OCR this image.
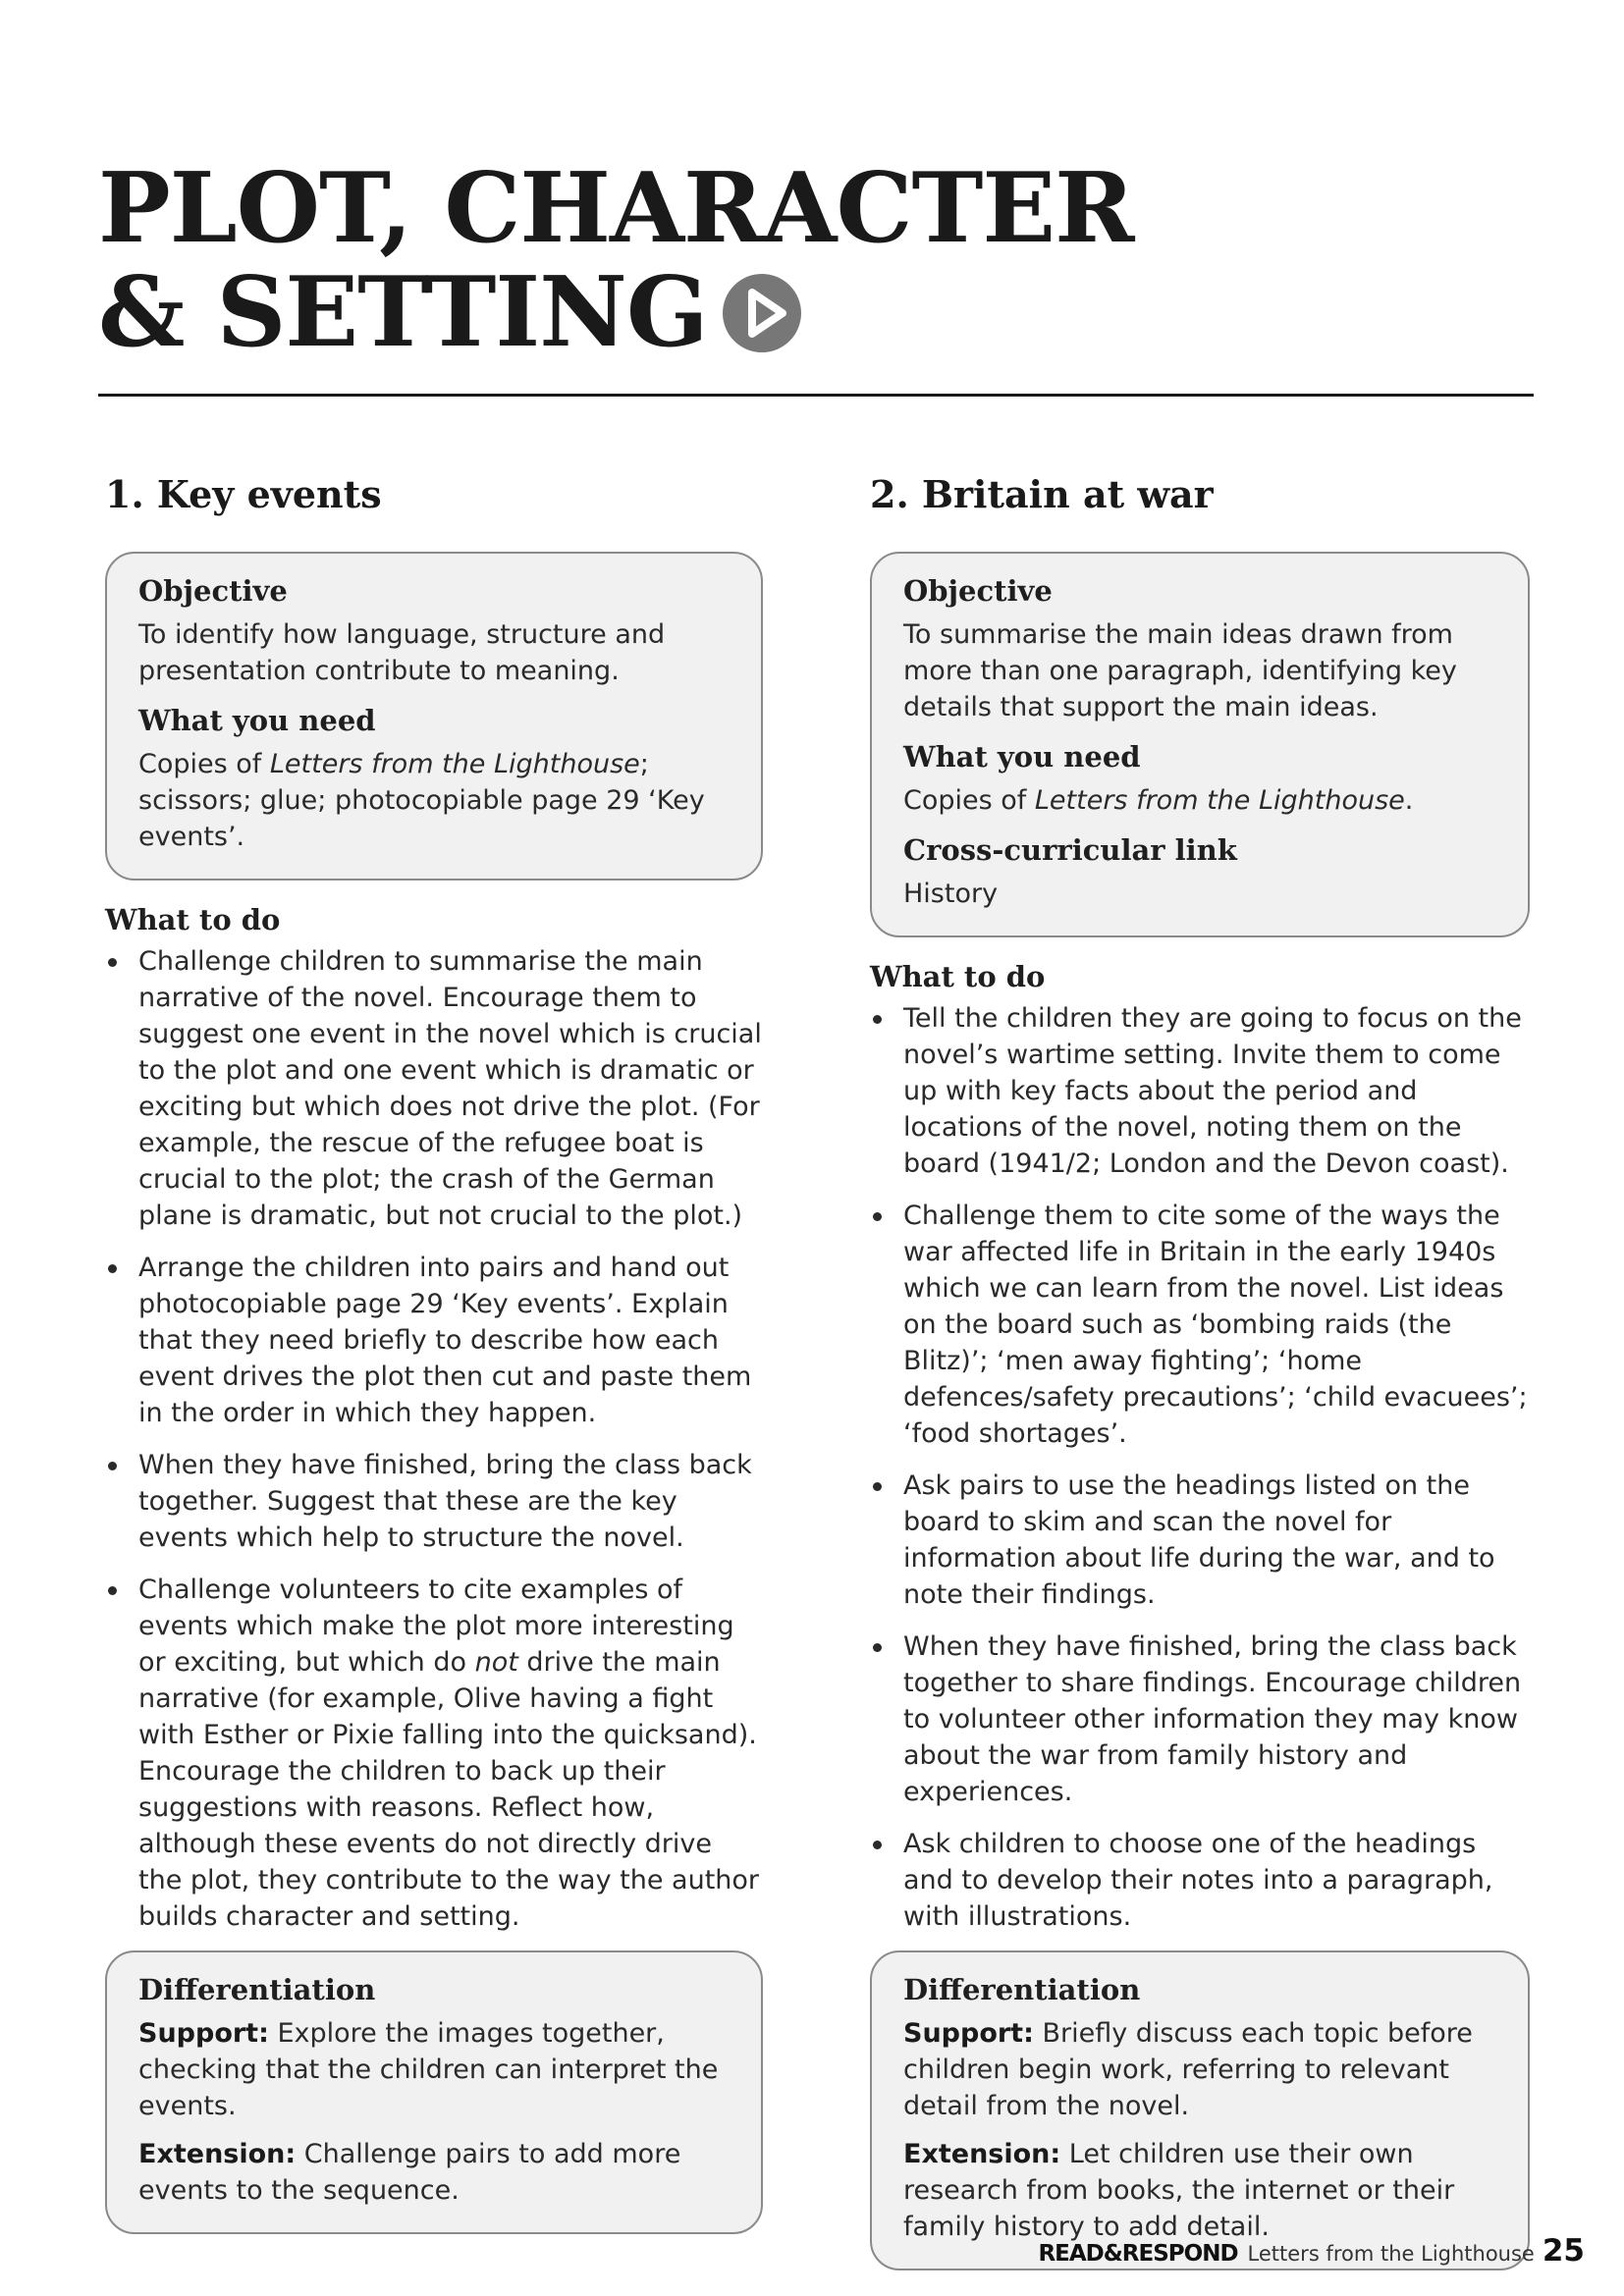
PLOT, CHARACTER
& SETTING
1. Key events
Objective
To identify how language, structure and presentation contribute to meaning.
What you need
Copies of Letters from the Lighthouse; scissors; glue; photocopiable page 29 ‘Key events’.
What to do
Challenge children to summarise the main narrative of the novel. Encourage them to suggest one event in the novel which is crucial to the plot and one event which is dramatic or exciting but which does not drive the plot. (For example, the rescue of the refugee boat is crucial to the plot; the crash of the German plane is dramatic, but not crucial to the plot.)
Arrange the children into pairs and hand out photocopiable page 29 ‘Key events’. Explain that they need briefly to describe how each event drives the plot then cut and paste them in the order in which they happen.
When they have finished, bring the class back together. Suggest that these are the key events which help to structure the novel.
Challenge volunteers to cite examples of events which make the plot more interesting or exciting, but which do not drive the main narrative (for example, Olive having a fight with Esther or Pixie falling into the quicksand). Encourage the children to back up their suggestions with reasons. Reflect how, although these events do not directly drive the plot, they contribute to the way the author builds character and setting.
Differentiation
Support: Explore the images together, checking that the children can interpret the events.
Extension: Challenge pairs to add more events to the sequence.
2. Britain at war
Objective
To summarise the main ideas drawn from more than one paragraph, identifying key details that support the main ideas.
What you need
Copies of Letters from the Lighthouse.
Cross-curricular link
History
What to do
Tell the children they are going to focus on the novel’s wartime setting. Invite them to come up with key facts about the period and locations of the novel, noting them on the board (1941/2; London and the Devon coast).
Challenge them to cite some of the ways the war affected life in Britain in the early 1940s which we can learn from the novel. List ideas on the board such as ‘bombing raids (the Blitz)’; ‘men away fighting’; ‘home defences/safety precautions’; ‘child evacuees’; ‘food shortages’.
Ask pairs to use the headings listed on the board to skim and scan the novel for information about life during the war, and to note their findings.
When they have finished, bring the class back together to share findings. Encourage children to volunteer other information they may know about the war from family history and experiences.
Ask children to choose one of the headings and to develop their notes into a paragraph, with illustrations.
Differentiation
Support: Briefly discuss each topic before children begin work, referring to relevant detail from the novel.
Extension: Let children use their own research from books, the internet or their family history to add detail.
READ&RESPOND Letters from the Lighthouse 25
